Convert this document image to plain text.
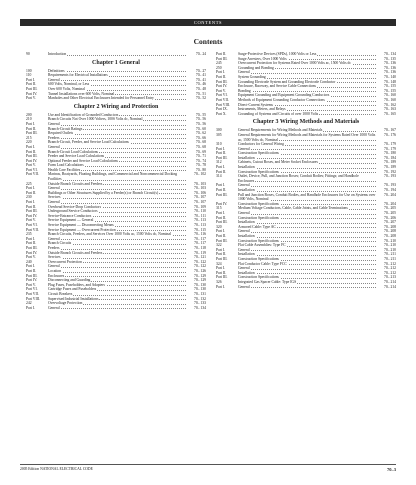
CONTENTS
Contents
90	Introduction	70– 24
Chapter 1 General
100	Definitions	70– 27
110	Requirements for Electrical Installations	70– 41
Part I.	General	70– 41
Part II.	600 Volts, Nominal, or Less	70– 46
Part III.	Over 600 Volts, Nominal	70– 48
Part IV.	Tunnel Installations over 600 Volts, Nominal	70– 51
Part V.	Manholes and Other Electrical Enclosures Intended for Personnel Entry	70– 52
Chapter 2 Wiring and Protection
200	Use and Identification of Grounded Conductors	70– 55
210	Branch Circuits Not Over 1000 Volters, 100S Volts dc, Nominal	70– 56
Part I.	General	70– 56
Part II.	Branch-Circuit Ratings	70– 60
Part III.	Required Outlets	70– 62
215	Feeders	70– 66
220	Branch-Circuit, Feeder, and Service Load Calculations	70– 68
Part I.	General	70– 68
Part II.	Branch-Circuit Load Calculations	70– 69
Part III.	Feeder and Service Load Calculations	70– 71
Part IV.	Optional Feeder and Service Load Calculations	70– 74
Part V.	Farm Load Calculations	70– 78
Part VI.	Health Care Facilities	70– 80
Part VII.	Marinas, Boatyards, Floating Buildings, and Commercial and Noncommercial Docking Facilities
70– 102
225	Outside Branch Circuits and Feeders	70– 103
Part I.	General	70– 103
Part II.	Buildings or Other Structures Supplied by a Feeder(s) or Branch Circuit(s)	70– 106
230	Services	70– 107
Part I.	General	70– 107
Part II.	Overhead Service-Drop Conductors	70– 109
Part III.	Underground Service Conductors	70– 110
Part IV.	Service-Entrance Conductors	70– 111
Part V.	Service Equipment — General	70– 113
Part VI.	Service Equipment — Disconnecting Means	70– 113
Part VII.	Service Equipment — Overcurrent Protection	70– 115
235	Branch Circuits, Feeders, and Services Over 1000 Volts ac, 1500 Volts dc, Nominal	70– 116
Part I.	General	70– 117
Part II.	Branch Circuits	70– 117
Part III.	Feeders	70– 118
Part IV.	Outside Branch Circuits and Feeders	70– 119
Part V.	Services	70– 121
240	Overcurrent Protection	70– 122
Part I.	General	70– 122
Part II.	Location	70– 126
Part III.	Enclosures	70– 129
Part IV.	Disconnecting and Guarding	70– 129
Part V.	Plug Fuses, Fuseholders, and Adapters	70– 130
Part VI.	Cartridge Fuses and Fuseholders	70– 130
Part VII.	Circuit Breakers	70– 131
Part VIII.	Supervised Industrial Installations	70– 132
242	Overvoltage Protection	70– 133
Part I.	General	70– 134
Part II.	Surge-Protective Devices (SPDs), 1000 Volts or Less	70– 134
Part III.	Surge Arresters, Over 1000 Volts	70– 135
245	Overcurrent Protection for Systems Rated Over 1000 Volts ac, 1500 Volts dc	70– 136
250	Grounding and Bonding	70– 136
Part I.	General	70– 136
Part II.	System Grounding	70– 140
Part III.	Grounding Electrode System and Grounding Electrode Conductor	70– 148
Part IV.	Enclosure, Raceway, and Service Cable Connections	70– 155
Part V.	Bonding	70– 155
Part VI.	Equipment Grounding and Equipment Grounding Conductors	70– 160
Part VII.	Methods of Equipment Grounding Conductor Connections	70– 160
Part VIII.	Direct-Current Systems	70– 162
Part IX.	Instruments, Meters, and Relays	70– 163
Part X.	Grounding of Systems and Circuits of over 1000 Volts	70– 165
Chapter 3 Wiring Methods and Materials
300	General Requirements for Wiring Methods and Materials	70– 167
305	General Requirements for Wiring Methods and Materials for Systems Rated Over 1000 Volts ac, 1500 Volts dc, Nominal
70– 176
310	Conductors for General Wiring	70– 179
Part I.	General	70– 179
Part II.	Construction Specifications	70– 180
Part III.	Installation	70– 184
312	Cabinets, Cutout Boxes, and Meter Socket Enclosures	70– 189
Part I.	Installation	70– 189
Part II.	Construction Specifications	70– 192
314	Outlet, Device, Pull, and Junction Boxes; Conduit Bodies; Fittings; and Handhole Enclosures
70– 193
Part I.	General	70– 193
Part II.	Installation	70– 194
Part III.	Pull and Junction Boxes, Conduit Bodies, and Handhole Enclosures for Use on Systems over 1000 Volts, Nominal
70– 204
Part IV.	Construction Specifications	70– 204
315	Medium Voltage Conductors, Cable, Cable Joints, and Cable Terminations	70– 205
Part I.	General	70– 205
Part II.	Construction Specifications	70– 206
Part III.	Installation	70– 207
320	Armored Cable: Type AC	70– 208
Part I.	General	70– 208
Part II.	Installation	70– 208
Part III.	Construction Specifications	70– 210
322	Flat Cable Assemblies: Type FC	70– 210
Part I.	General	70– 210
Part II.	Installation	70– 211
Part III.	Construction Specifications	70– 211
324	Flat Conductor Cable: Type FCC	70– 212
Part I.	General	70– 212
Part II.	Installation	70– 212
Part III.	Construction Specifications	70– 213
326	Integrated Gas Spacer Cable: Type IGS	70– 214
Part I.	General	70– 214
2005 Edition NATIONAL ELECTRICAL CODE	70–3
